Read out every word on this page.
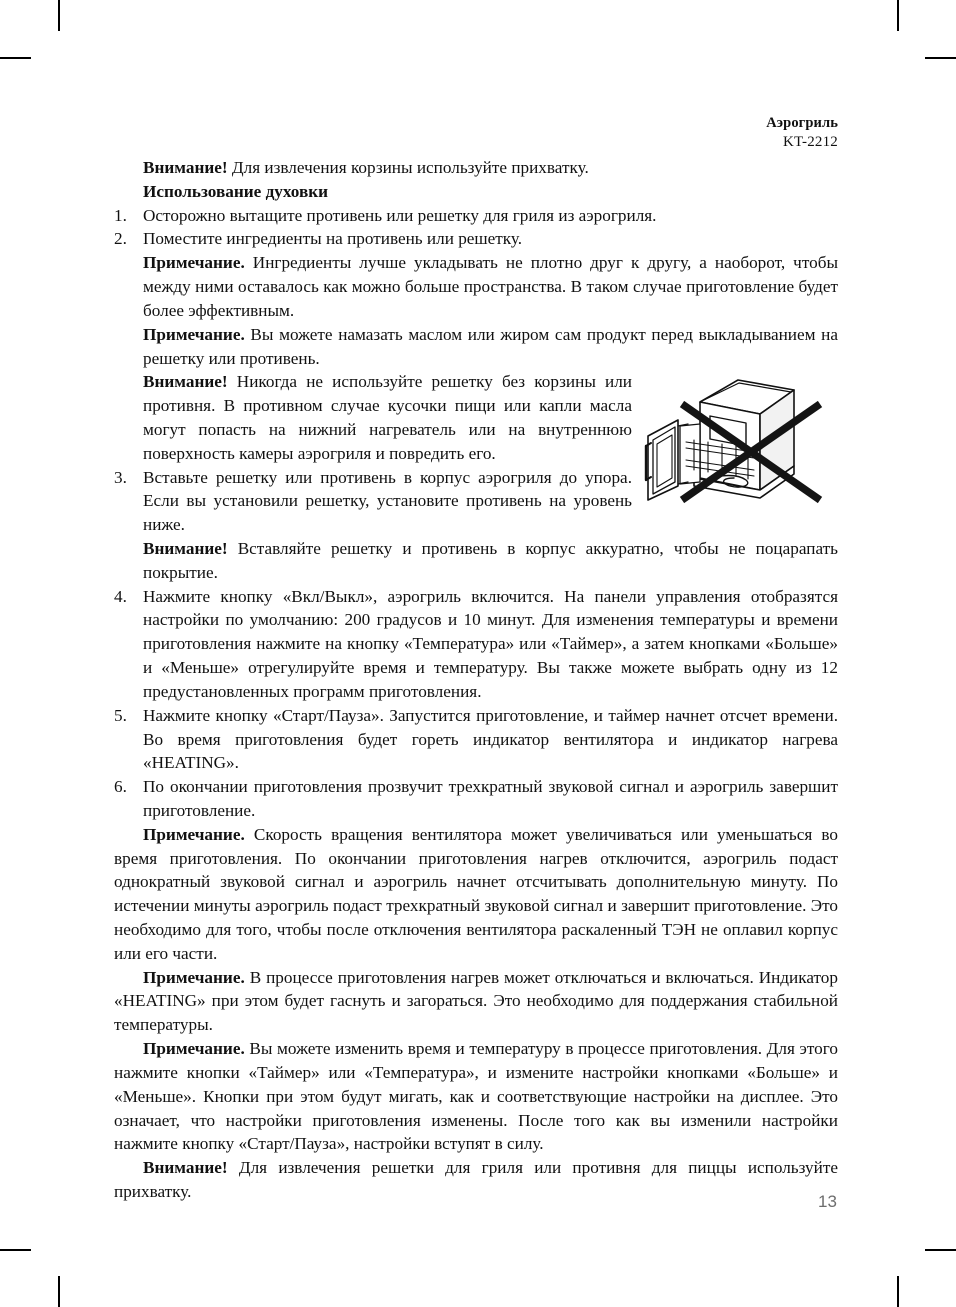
Аэрогриль
KT-2212

Внимание! Для извлечения корзины используйте прихватку.

Использование духовки

1. Осторожно вытащите противень или решетку для гриля из аэрогриля.
2. Поместите ингредиенты на противень или решетку.

Примечание. Ингредиенты лучше укладывать не плотно друг к другу, а наоборот, чтобы между ними оставалось как можно больше пространства. В таком случае приготовление будет более эффективным.

Примечание. Вы можете намазать маслом или жиром сам продукт перед выкладыванием на решетку или противень.

Внимание! Никогда не используйте решетку без корзины или противня. В противном случае кусочки пищи или капли масла могут попасть на нижний нагреватель или на внутреннюю поверхность камеры аэрогриля и повредить его.

3. Вставьте решетку или противень в корпус аэрогриля до упора. Если вы установили решетку, установите противень на уровень ниже.

Внимание! Вставляйте решетку и противень в корпус аккуратно, чтобы не поцарапать покрытие.

4. Нажмите кнопку «Вкл/Выкл», аэрогриль включится. На панели управления отобразятся настройки по умолчанию: 200 градусов и 10 минут. Для изменения температуры и времени приготовления нажмите на кнопку «Температура» или «Таймер», а затем кнопками «Больше» и «Меньше» отрегулируйте время и температуру. Вы также можете выбрать одну из 12 предустановленных программ приготовления.
5. Нажмите кнопку «Старт/Пауза». Запустится приготовление, и таймер начнет отсчет времени. Во время приготовления будет гореть индикатор вентилятора и индикатор нагрева «HEATING».
6. По окончании приготовления прозвучит трехкратный звуковой сигнал и аэрогриль завершит приготовление.

Примечание. Скорость вращения вентилятора может увеличиваться или уменьшаться во время приготовления. По окончании приготовления нагрев отключится, аэрогриль подаст однократный звуковой сигнал и аэрогриль начнет отсчитывать дополнительную минуту. По истечении минуты аэрогриль подаст трехкратный звуковой сигнал и завершит приготовление. Это необходимо для того, чтобы после отключения вентилятора раскаленный ТЭН не оплавил корпус или его части.

Примечание. В процессе приготовления нагрев может отключаться и включаться. Индикатор «HEATING» при этом будет гаснуть и загораться. Это необходимо для поддержания стабильной температуры.

Примечание. Вы можете изменить время и температуру в процессе приготовления. Для этого нажмите кнопки «Таймер» или «Температура», и измените настройки кнопками «Больше» и «Меньше». Кнопки при этом будут мигать, как и соответствующие настройки на дисплее. Это означает, что настройки приготовления изменены. После того как вы изменили настройки нажмите кнопку «Старт/Пауза», настройки вступят в силу.

Внимание! Для извлечения решетки для гриля или противня для пиццы используйте прихватку.

13
